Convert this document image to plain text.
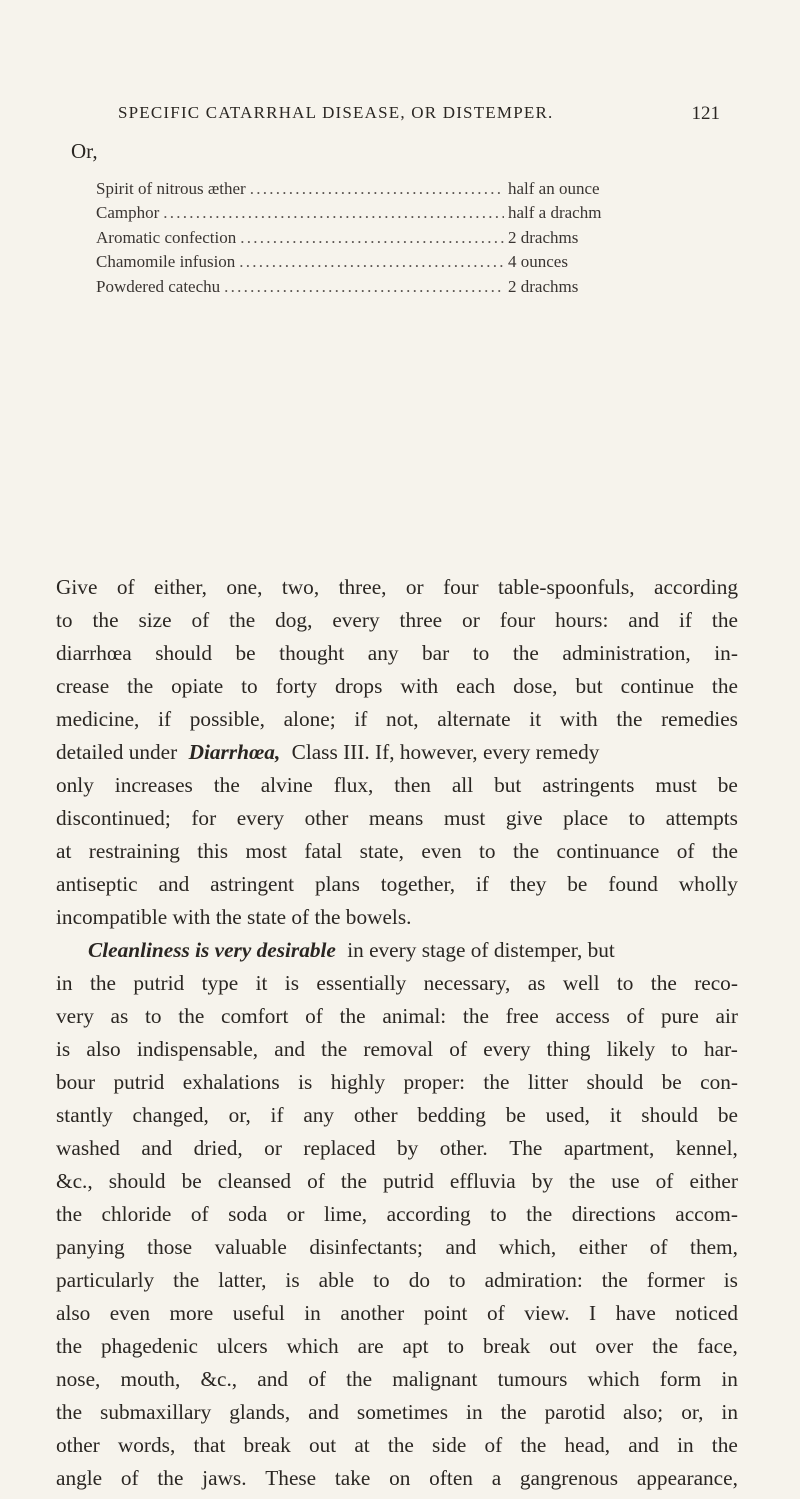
SPECIFIC CATARRHAL DISEASE, OR DISTEMPER.	121
Or,
Spirit of nitrous æther . . .	half an ounce
Camphor . . .	half a drachm
Aromatic confection . . .	2 drachms
Chamomile infusion . . .	4 ounces
Powdered catechu . . .	2 drachms
Give of either, one, two, three, or four table-spoonfuls, according
to the size of the dog, every three or four hours: and if the
diarrhœa should be thought any bar to the administration, in-
crease the opiate to forty drops with each dose, but continue the
medicine, if possible, alone; if not, alternate it with the remedies
detailed under Diarrhœa, Class III. If, however, every remedy
only increases the alvine flux, then all but astringents must be
discontinued; for every other means must give place to attempts
at restraining this most fatal state, even to the continuance of the
antiseptic and astringent plans together, if they be found wholly
incompatible with the state of the bowels.
Cleanliness is very desirable in every stage of distemper, but
in the putrid type it is essentially necessary, as well to the reco-
very as to the comfort of the animal: the free access of pure air
is also indispensable, and the removal of every thing likely to har-
bour putrid exhalations is highly proper: the litter should be con-
stantly changed, or, if any other bedding be used, it should be
washed and dried, or replaced by other. The apartment, kennel,
&c., should be cleansed of the putrid effluvia by the use of either
the chloride of soda or lime, according to the directions accom-
panying those valuable disinfectants; and which, either of them,
particularly the latter, is able to do to admiration: the former is
also even more useful in another point of view. I have noticed
the phagedenic ulcers which are apt to break out over the face,
nose, mouth, &c., and of the malignant tumours which form in
the submaxillary glands, and sometimes in the parotid also; or, in
other words, that break out at the side of the head, and in the
angle of the jaws. These take on often a gangrenous appearance,
